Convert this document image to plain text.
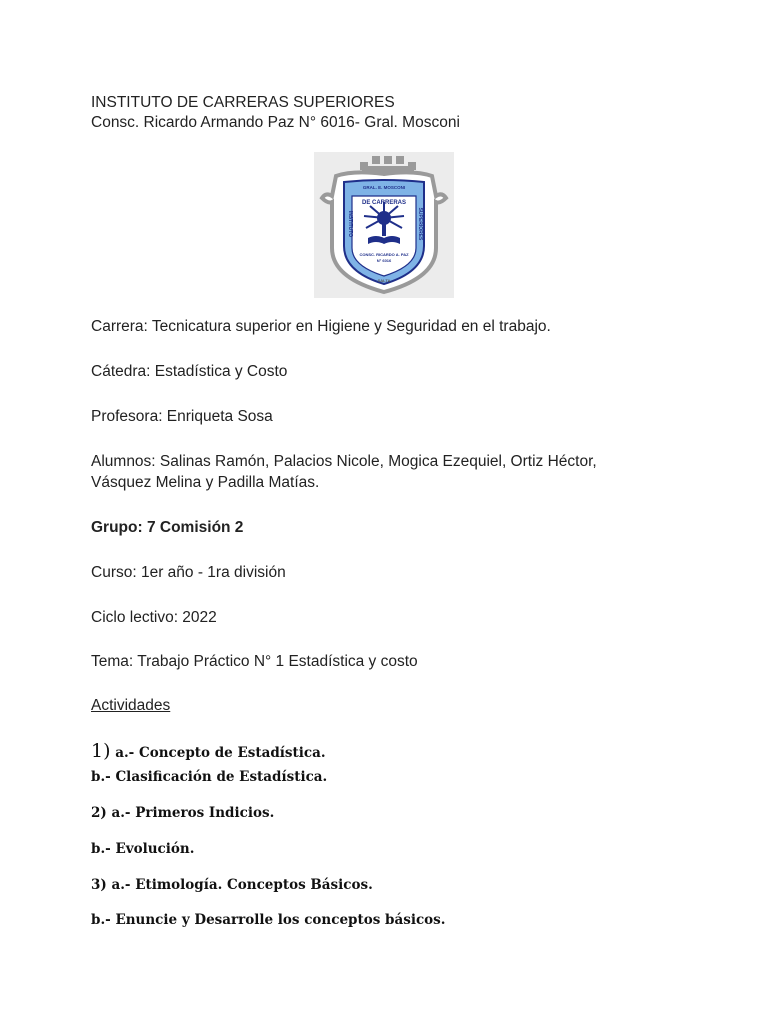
INSTITUTO DE CARRERAS SUPERIORES
Consc. Ricardo Armando Paz N° 6016- Gral. Mosconi
GRAL. E. MOSCONI
DE CARRERAS
INSTITUTO	SUPERIORES
CONSC. RICARDO A. PAZ
N° 6016
SALTA
Carrera: Tecnicatura superior en Higiene y Seguridad en el trabajo.
Cátedra: Estadística y Costo
Profesora: Enriqueta Sosa
Alumnos: Salinas Ramón, Palacios Nicole, Mogica Ezequiel, Ortiz Héctor,
Vásquez Melina y Padilla Matías.
Grupo: 7 Comisión 2
Curso: 1er año - 1ra división
Ciclo lectivo: 2022
Tema: Trabajo Práctico N° 1 Estadística y costo
Actividades
1) a.- Concepto de Estadística.
b.- Clasificación de Estadística.
2) a.- Primeros Indicios.
b.- Evolución.
3) a.- Etimología. Conceptos Básicos.
b.- Enuncie y Desarrolle los conceptos básicos.
